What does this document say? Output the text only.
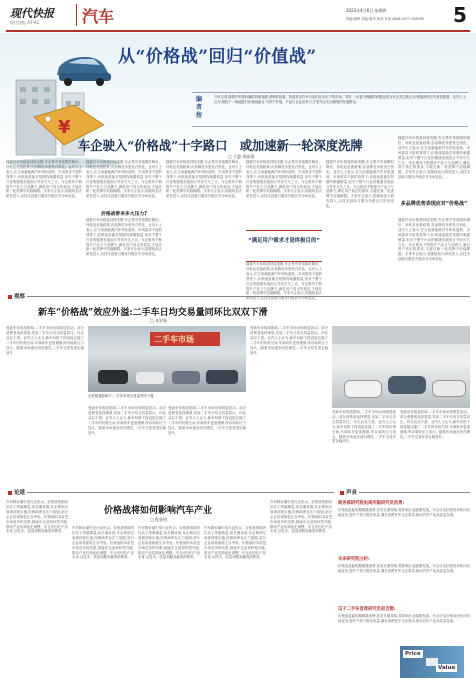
现代快报
现代快报 A7-A1	汽车	2023年4月6日 星期四
责编:徐晖 美编:秦华 校对:朱纯 4008-0577-708039 5
从“价格战”回归“价值战”
¥
编者按
今年以来,随着汽车降价潮的持续发酵,营销的优惠、热度攻击汽车行业的众多化下的市场。同时,一步更为残酷的问题也成为车企关注焦点,价格战到终点究竟是胜者、业内人士认为,相较于一味地进行价格战而言,“回归”价值、产品与企业竞争力,才是车企走出困境的发展路径。
车企驶入“价格战”十字路口　或加速新一轮深度洗牌
□ 于惠 周高翔
随着汽车价格战持续发酵,车企集中采取限时降价、补贴及优惠政策,各品牌竞争愈发白热化。业内人士表示,在当前新能源汽车补贴退坡、市场需求不振的背景下,价格战虽能在短期内刺激销量,但对于整个行业的健康发展而言并非长久之计。车企唯有不断提升产品力与品牌力,满足用户真正的需求,才能在新一轮洗牌中站稳脚跟。多家车企表示,将继续加大研发投入,以技术创新与服务升级应对市场变化。
随着汽车价格战持续发酵,车企集中采取限时降价、补贴及优惠政策,各品牌竞争愈发白热化。业内人士表示,在当前新能源汽车补贴退坡、市场需求不振的背景下,价格战虽能在短期内刺激销量,但对于整个行业的健康发展而言并非长久之计。车企唯有不断提升产品力与品牌力,满足用户真正的需求,才能在新一轮洗牌中站稳脚跟。多家车企表示,将继续加大研发投入,以技术创新与服务升级应对市场变化。
价格战带来多大压力?
随着汽车价格战持续发酵,车企集中采取限时降价、补贴及优惠政策,各品牌竞争愈发白热化。业内人士表示,在当前新能源汽车补贴退坡、市场需求不振的背景下,价格战虽能在短期内刺激销量,但对于整个行业的健康发展而言并非长久之计。车企唯有不断提升产品力与品牌力,满足用户真正的需求,才能在新一轮洗牌中站稳脚跟。多家车企表示,将继续加大研发投入,以技术创新与服务升级应对市场变化。
随着汽车价格战持续发酵,车企集中采取限时降价、补贴及优惠政策,各品牌竞争愈发白热化。业内人士表示,在当前新能源汽车补贴退坡、市场需求不振的背景下,价格战虽能在短期内刺激销量,但对于整个行业的健康发展而言并非长久之计。车企唯有不断提升产品力与品牌力,满足用户真正的需求,才能在新一轮洗牌中站稳脚跟。多家车企表示,将继续加大研发投入,以技术创新与服务升级应对市场变化。
随着汽车价格战持续发酵,车企集中采取限时降价、补贴及优惠政策,各品牌竞争愈发白热化。业内人士表示,在当前新能源汽车补贴退坡、市场需求不振的背景下,价格战虽能在短期内刺激销量,但对于整个行业的健康发展而言并非长久之计。车企唯有不断提升产品力与品牌力,满足用户真正的需求,才能在新一轮洗牌中站稳脚跟。多家车企表示,将继续加大研发投入,以技术创新与服务升级应对市场变化。
“满足用户需求才是终极目的”
随着汽车价格战持续发酵,车企集中采取限时降价、补贴及优惠政策,各品牌竞争愈发白热化。业内人士表示,在当前新能源汽车补贴退坡、市场需求不振的背景下,价格战虽能在短期内刺激销量,但对于整个行业的健康发展而言并非长久之计。车企唯有不断提升产品力与品牌力,满足用户真正的需求,才能在新一轮洗牌中站稳脚跟。多家车企表示,将继续加大研发投入,以技术创新与服务升级应对市场变化。
随着汽车价格战持续发酵,车企集中采取限时降价、补贴及优惠政策,各品牌竞争愈发白热化。业内人士表示,在当前新能源汽车补贴退坡、市场需求不振的背景下,价格战虽能在短期内刺激销量,但对于整个行业的健康发展而言并非长久之计。车企唯有不断提升产品力与品牌力,满足用户真正的需求,才能在新一轮洗牌中站稳脚跟。多家车企表示,将继续加大研发投入,以技术创新与服务升级应对市场变化。
随着汽车价格战持续发酵,车企集中采取限时降价、补贴及优惠政策,各品牌竞争愈发白热化。业内人士表示,在当前新能源汽车补贴退坡、市场需求不振的背景下,价格战虽能在短期内刺激销量,但对于整个行业的健康发展而言并非长久之计。车企唯有不断提升产品力与品牌力,满足用户真正的需求,才能在新一轮洗牌中站稳脚跟。多家车企表示,将继续加大研发投入,以技术创新与服务升级应对市场变化。
多品牌优势表现应对“价格战”
随着汽车价格战持续发酵,车企集中采取限时降价、补贴及优惠政策,各品牌竞争愈发白热化。业内人士表示,在当前新能源汽车补贴退坡、市场需求不振的背景下,价格战虽能在短期内刺激销量,但对于整个行业的健康发展而言并非长久之计。车企唯有不断提升产品力与品牌力,满足用户真正的需求,才能在新一轮洗牌中站稳脚跟。多家车企表示,将继续加大研发投入,以技术创新与服务升级应对市场变化。
观察
新车“价格战”效应外溢:二手车日均交易量同环比双双下滑
□ 张宏新
受新车价格战影响,二手车市场出现明显波动。部分消费者选择观望,导致二手车日均交易量同比、环比双双下滑。业内人士认为,新车价格下探直接压缩了二手车的价格空间,车商收车更加谨慎,库存周转压力加大。随着市场逐步回归理性,二手车交易有望企稳回升。
二手车市场
在价格战影响下,二手车市场交易量有所下滑。
受新车价格战影响,二手车市场出现明显波动。部分消费者选择观望,导致二手车日均交易量同比、环比双双下滑。业内人士认为,新车价格下探直接压缩了二手车的价格空间,车商收车更加谨慎,库存周转压力加大。随着市场逐步回归理性,二手车交易有望企稳回升。
受新车价格战影响,二手车市场出现明显波动。部分消费者选择观望,导致二手车日均交易量同比、环比双双下滑。业内人士认为,新车价格下探直接压缩了二手车的价格空间,车商收车更加谨慎,库存周转压力加大。随着市场逐步回归理性,二手车交易有望企稳回升。
受新车价格战影响,二手车市场出现明显波动。部分消费者选择观望,导致二手车日均交易量同比、环比双双下滑。业内人士认为,新车价格下探直接压缩了二手车的价格空间,车商收车更加谨慎,库存周转压力加大。随着市场逐步回归理性,二手车交易有望企稳回升。
受新车价格战影响,二手车市场出现明显波动。部分消费者选择观望,导致二手车日均交易量同比、环比双双下滑。业内人士认为,新车价格下探直接压缩了二手车的价格空间,车商收车更加谨慎,库存周转压力加大。随着市场逐步回归理性,二手车交易有望企稳回升。
受新车价格战影响,二手车市场出现明显波动。部分消费者选择观望,导致二手车日均交易量同比、环比双双下滑。业内人士认为,新车价格下探直接压缩了二手车的价格空间,车商收车更加谨慎,库存周转压力加大。随着市场逐步回归理性,二手车交易有望企稳回升。
论道
价格战将如何影响汽车产业
□ 程金明
汽车降价潮引发行业热议。价格战短期内拉动了终端销量,但长期来看,车企利润空间被持续压缩,经销商库存压力加剧,部分企业或将面临生存考验。价格战的本质是市场竞争的结果,倒逼车企加快转型升级,推动产业结构优化调整。车企应回归产品本身,以技术、质量和服务赢得消费者。
汽车降价潮引发行业热议。价格战短期内拉动了终端销量,但长期来看,车企利润空间被持续压缩,经销商库存压力加剧,部分企业或将面临生存考验。价格战的本质是市场竞争的结果,倒逼车企加快转型升级,推动产业结构优化调整。车企应回归产品本身,以技术、质量和服务赢得消费者。
汽车降价潮引发行业热议。价格战短期内拉动了终端销量,但长期来看,车企利润空间被持续压缩,经销商库存压力加剧,部分企业或将面临生存考验。价格战的本质是市场竞争的结果,倒逼车企加快转型升级,推动产业结构优化调整。车企应回归产品本身,以技术、质量和服务赢得消费者。
汽车降价潮引发行业热议。价格战短期内拉动了终端销量,但长期来看,车企利润空间被持续压缩,经销商库存压力加剧,部分企业或将面临生存考验。价格战的本质是市场竞争的结果,倒逼车企加快转型升级,推动产业结构优化调整。车企应回归产品本身,以技术、质量和服务赢得消费者。
汽车降价潮引发行业热议。价格战短期内拉动了终端销量,但长期来看,车企利润空间被持续压缩,经销商库存压力加剧,部分企业或将面临生存考验。价格战的本质是市场竞争的结果,倒逼车企加快转型升级,推动产业结构优化调整。车企应回归产品本身,以技术、质量和服务赢得消费者。
声音
商务部研究院电商所副研究员洪勇:
价格战虽能短期刺激消费,但若长期持续,将影响行业健康发展。车企应从价格竞争转向价值竞争,提升产品与服务质量,满足消费者多元化需求,推动汽车产业高质量发展。
未来研究院分析:
价格战虽能短期刺激消费,但若长期持续,将影响行业健康发展。车企应从价格竞争转向价值竞争,提升产品与服务质量,满足消费者多元化需求,推动汽车产业高质量发展。
瓜子二手车首席研究员赵吉雅:
价格战虽能短期刺激消费,但若长期持续,将影响行业健康发展。车企应从价格竞争转向价值竞争,提升产品与服务质量,满足消费者多元化需求,推动汽车产业高质量发展。
Price
Value
